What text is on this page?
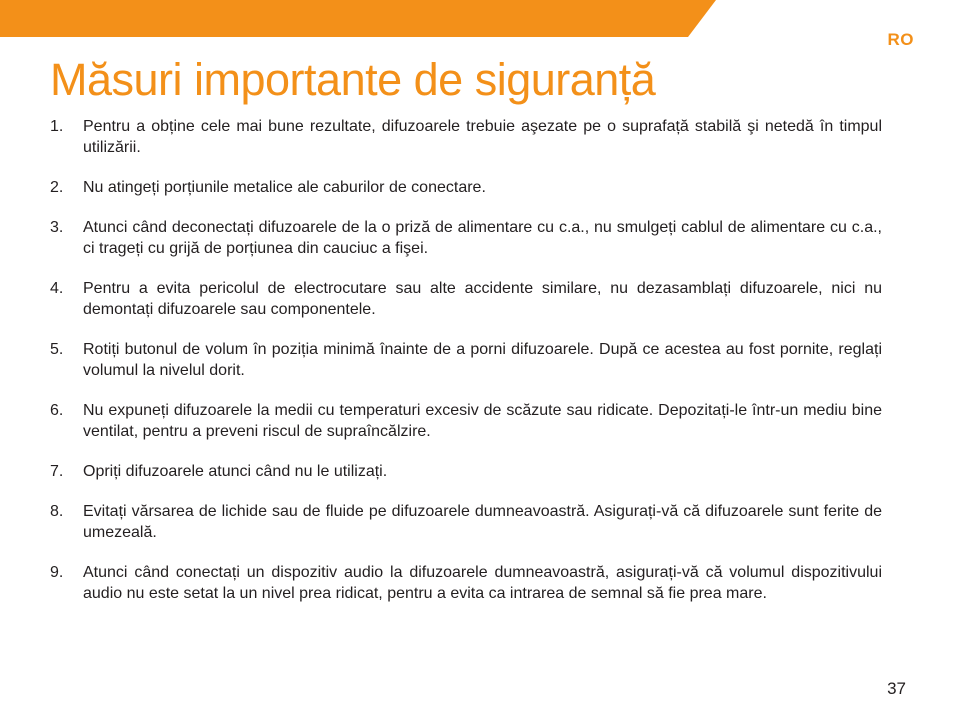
RO
Măsuri importante de siguranță
1.	Pentru a obține cele mai bune rezultate, difuzoarele trebuie aşezate pe o suprafață stabilă şi netedă în timpul utilizării.
2.	Nu atingeți porțiunile metalice ale caburilor de conectare.
3.	Atunci când deconectați difuzoarele de la o priză de alimentare cu c.a., nu smulgeți cablul de alimentare cu c.a., ci trageți cu grijă de porțiunea din cauciuc a fişei.
4.	Pentru a evita pericolul de electrocutare sau alte accidente similare, nu dezasamblați difuzoarele, nici nu demontați difuzoarele sau componentele.
5.	Rotiți butonul de volum în poziția minimă înainte de a porni difuzoarele. După ce acestea au fost pornite, reglați volumul la nivelul dorit.
6.	Nu expuneți difuzoarele la medii cu temperaturi excesiv de scăzute sau ridicate. Depozitați-le într-un mediu bine ventilat, pentru a preveni riscul de supraîncălzire.
7.	Opriți difuzoarele atunci când nu le utilizați.
8.	Evitați vărsarea de lichide sau de fluide pe difuzoarele dumneavoastră. Asigurați-vă că difuzoarele sunt ferite de umezeală.
9.	Atunci când conectați un dispozitiv audio la difuzoarele dumneavoastră, asigurați-vă că volumul dispozitivului audio nu este setat la un nivel prea ridicat, pentru a evita ca intrarea de semnal să fie prea mare.
37
